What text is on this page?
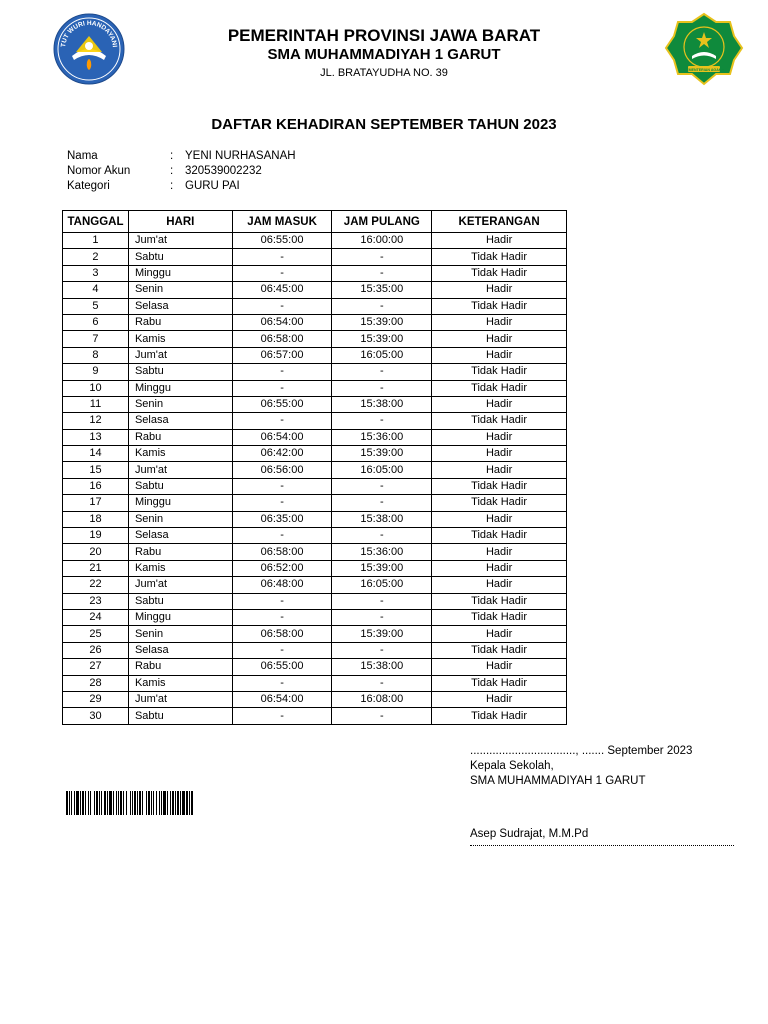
TUT WURI HANDAYANI
KEMENTERIAN AGAMA
PEMERINTAH PROVINSI JAWA BARAT
SMA MUHAMMADIYAH 1 GARUT
JL. BRATAYUDHA NO. 39
DAFTAR KEHADIRAN SEPTEMBER TAHUN 2023
Nama	: YENI NURHASANAH
Nomor Akun	: 320539002232
Kategori	: GURU PAI
TANGGAL	HARI	JAM MASUK	JAM PULANG	KETERANGAN
1	Jum'at	06:55:00	16:00:00	Hadir
2	Sabtu	-	-	Tidak Hadir
3	Minggu	-	-	Tidak Hadir
4	Senin	06:45:00	15:35:00	Hadir
5	Selasa	-	-	Tidak Hadir
6	Rabu	06:54:00	15:39:00	Hadir
7	Kamis	06:58:00	15:39:00	Hadir
8	Jum'at	06:57:00	16:05:00	Hadir
9	Sabtu	-	-	Tidak Hadir
10	Minggu	-	-	Tidak Hadir
11	Senin	06:55:00	15:38:00	Hadir
12	Selasa	-	-	Tidak Hadir
13	Rabu	06:54:00	15:36:00	Hadir
14	Kamis	06:42:00	15:39:00	Hadir
15	Jum'at	06:56:00	16:05:00	Hadir
16	Sabtu	-	-	Tidak Hadir
17	Minggu	-	-	Tidak Hadir
18	Senin	06:35:00	15:38:00	Hadir
19	Selasa	-	-	Tidak Hadir
20	Rabu	06:58:00	15:36:00	Hadir
21	Kamis	06:52:00	15:39:00	Hadir
22	Jum'at	06:48:00	16:05:00	Hadir
23	Sabtu	-	-	Tidak Hadir
24	Minggu	-	-	Tidak Hadir
25	Senin	06:58:00	15:39:00	Hadir
26	Selasa	-	-	Tidak Hadir
27	Rabu	06:55:00	15:38:00	Hadir
28	Kamis	-	-	Tidak Hadir
29	Jum'at	06:54:00	16:08:00	Hadir
30	Sabtu	-	-	Tidak Hadir
................................., ....... September 2023
Kepala Sekolah,
SMA MUHAMMADIYAH 1 GARUT
Asep Sudrajat, M.M.Pd
